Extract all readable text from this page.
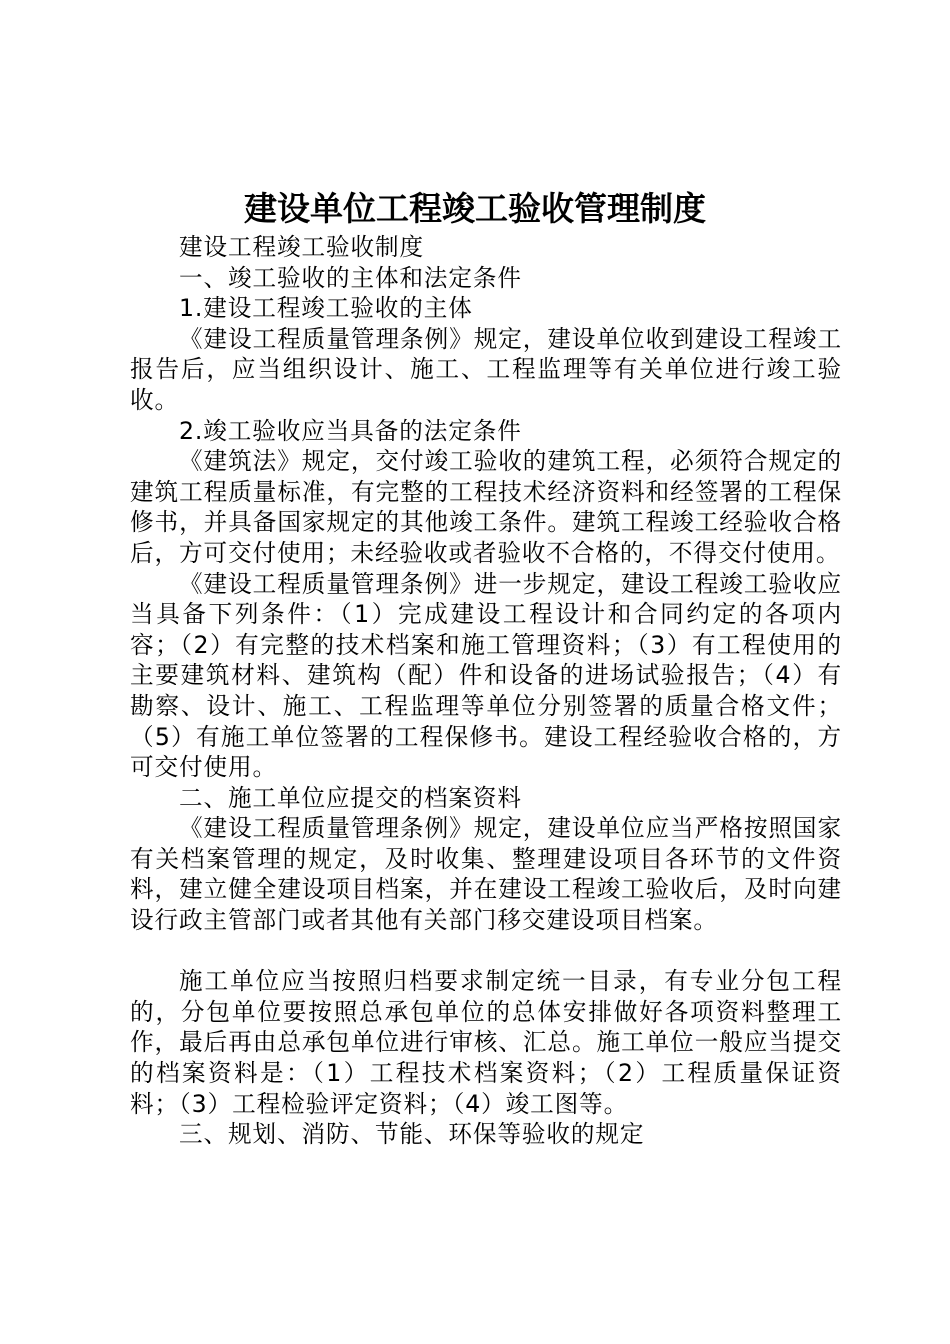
建设单位工程竣工验收管理制度

建设工程竣工验收制度

一、竣工验收的主体和法定条件

1.建设工程竣工验收的主体

《建设工程质量管理条例》规定，建设单位收到建设工程竣工报告后，应当组织设计、施工、工程监理等有关单位进行竣工验收。

2.竣工验收应当具备的法定条件

《建筑法》规定，交付竣工验收的建筑工程，必须符合规定的建筑工程质量标准，有完整的工程技术经济资料和经签署的工程保修书，并具备国家规定的其他竣工条件。建筑工程竣工经验收合格后，方可交付使用；未经验收或者验收不合格的，不得交付使用。

《建设工程质量管理条例》进一步规定，建设工程竣工验收应当具备下列条件：（1）完成建设工程设计和合同约定的各项内容；（2）有完整的技术档案和施工管理资料；（3）有工程使用的主要建筑材料、建筑构（配）件和设备的进场试验报告；（4）有勘察、设计、施工、工程监理等单位分别签署的质量合格文件；（5）有施工单位签署的工程保修书。建设工程经验收合格的，方可交付使用。

二、施工单位应提交的档案资料

《建设工程质量管理条例》规定，建设单位应当严格按照国家有关档案管理的规定，及时收集、整理建设项目各环节的文件资料，建立健全建设项目档案，并在建设工程竣工验收后，及时向建设行政主管部门或者其他有关部门移交建设项目档案。

施工单位应当按照归档要求制定统一目录，有专业分包工程的，分包单位要按照总承包单位的总体安排做好各项资料整理工作，最后再由总承包单位进行审核、汇总。施工单位一般应当提交的档案资料是：（1）工程技术档案资料；（2）工程质量保证资料；（3）工程检验评定资料；（4）竣工图等。

三、规划、消防、节能、环保等验收的规定
